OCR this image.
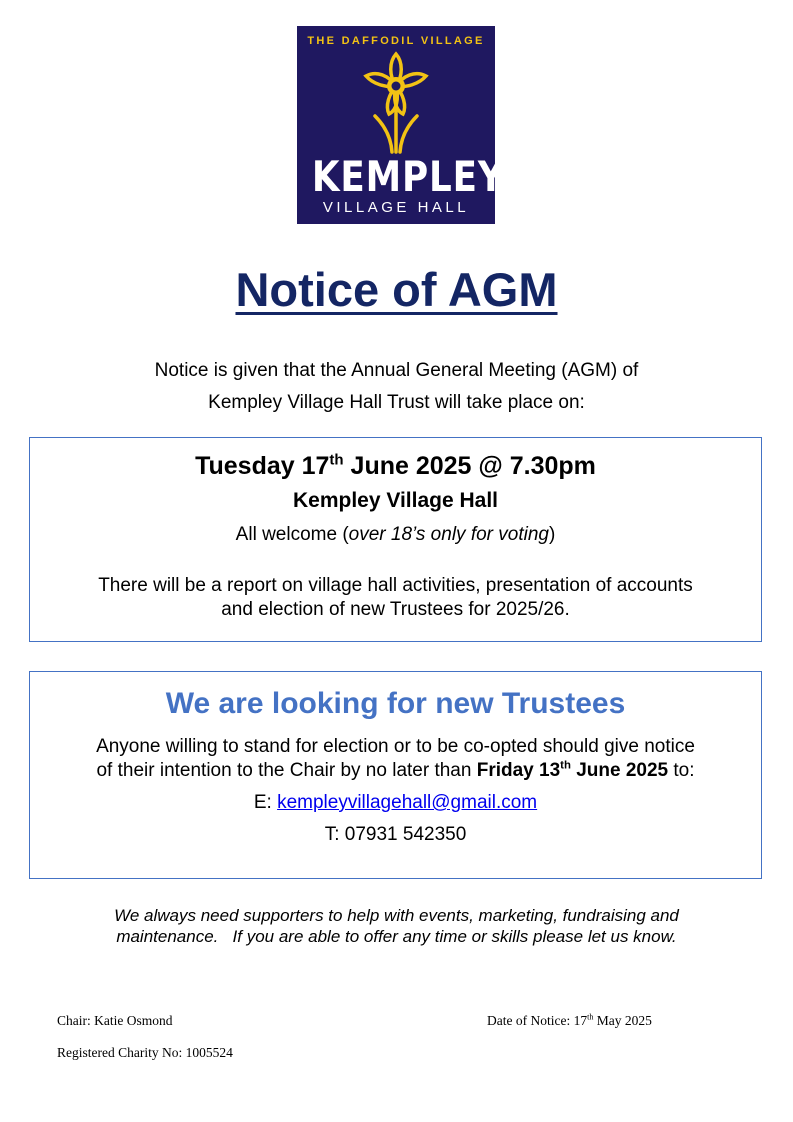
THE DAFFODIL VILLAGE
KEMPLEY
VILLAGE HALL
Notice of AGM
Notice is given that the Annual General Meeting (AGM) of
Kempley Village Hall Trust will take place on:
Tuesday 17th June 2025 @ 7.30pm
Kempley Village Hall
All welcome (over 18’s only for voting)
There will be a report on village hall activities, presentation of accounts
and election of new Trustees for 2025/26.
We are looking for new Trustees
Anyone willing to stand for election or to be co-opted should give notice
of their intention to the Chair by no later than Friday 13th June 2025 to:
E: kempleyvillagehall@gmail.com
T: 07931 542350
We always need supporters to help with events, marketing, fundraising and
maintenance.   If you are able to offer any time or skills please let us know.
Chair: Katie Osmond	Date of Notice: 17th May 2025
Registered Charity No: 1005524
